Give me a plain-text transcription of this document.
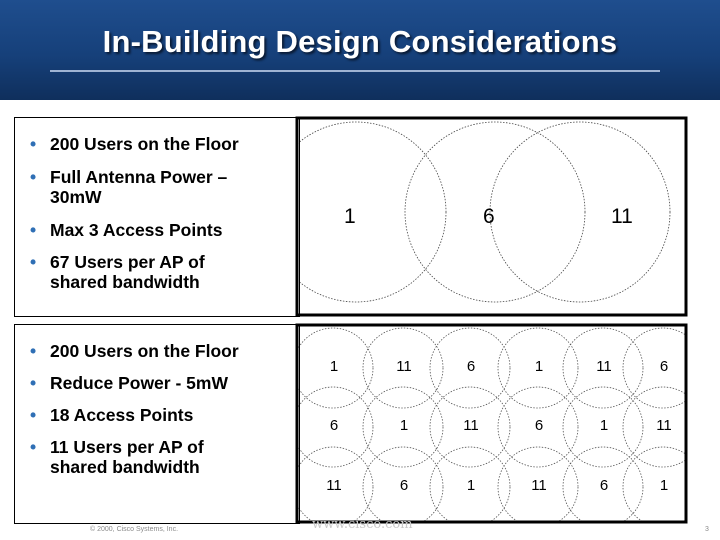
In-Building Design Considerations
• 200 Users on the Floor
• Full Antenna Power –
30mW
• Max 3 Access Points
• 67 Users per AP of
shared bandwidth
• 200 Users on the Floor
• Reduce Power - 5mW
• 18 Access Points
• 11 Users per AP of
shared bandwidth
1	6	11
1	11	6	1	11	6
6	1	11	6	1	11
11	6	1	11	6	1
© 2000, Cisco Systems, Inc.	www.cisco.com	3
